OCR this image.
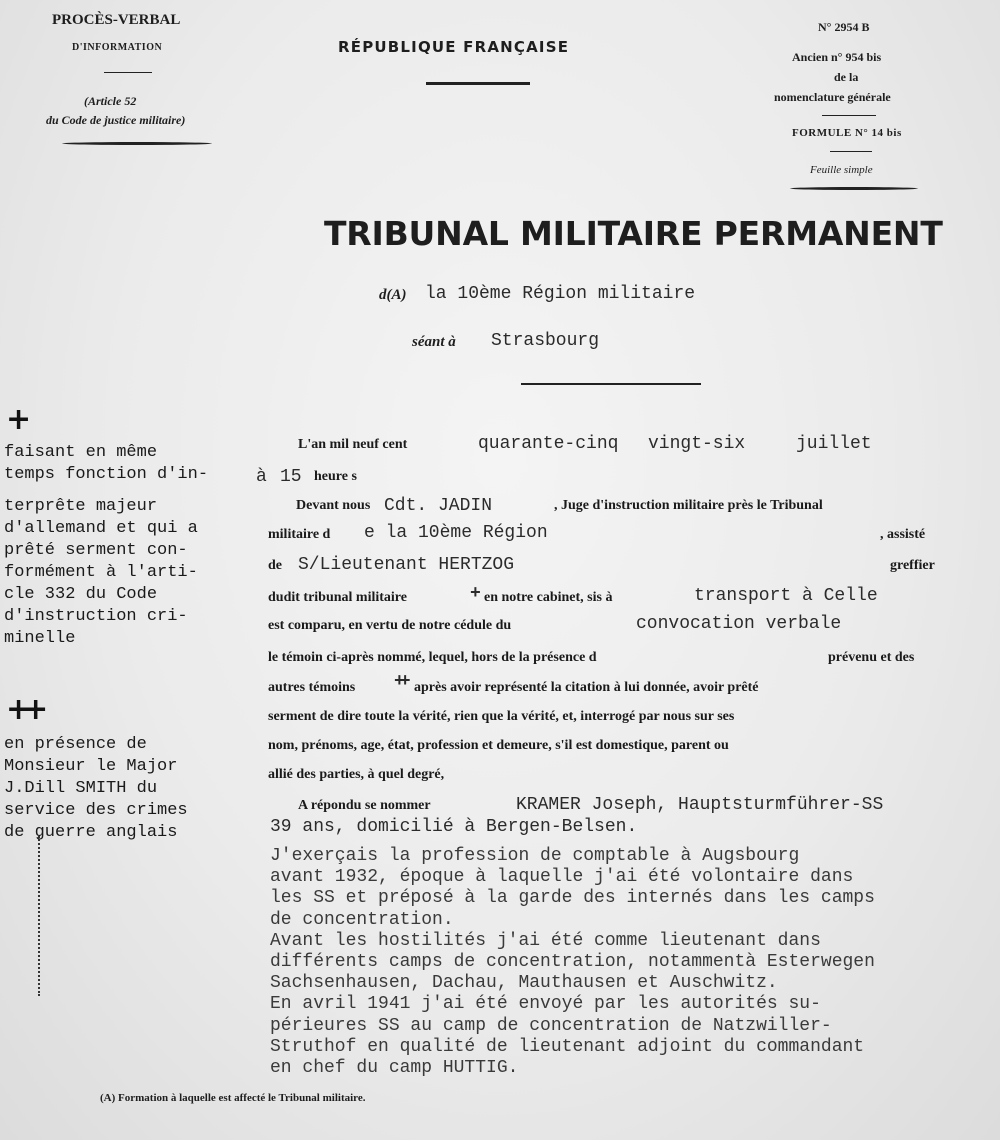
PROCÈS-VERBAL
D'INFORMATION
(Article 52
du Code de justice militaire)
RÉPUBLIQUE FRANÇAISE
N° 2954 B
Ancien n° 954 bis
de la
nomenclature générale
FORMULE N° 14 bis
Feuille simple
TRIBUNAL MILITAIRE PERMANENT
d(A) la 10ème Région militaire
séant à Strasbourg
+
faisant en même
temps fonction d'in-
terprête majeur
d'allemand et qui a
prêté serment con-
formément à l'arti-
cle 332 du Code
d'instruction cri-
minelle
++
en présence de
Monsieur le Major
J.Dill SMITH du
service des crimes
de guerre anglais
L'an mil neuf cent	quarante-cinq vingt-six	juillet
à 15 heure s
Devant nous Cdt. JADIN	, Juge d'instruction militaire près le Tribunal
militaire d e la 10ème Région	, assisté
de S/Lieutenant HERTZOG	greffier
dudit tribunal militaire	+ en notre cabinet, sis à	transport à Celle
est comparu, en vertu de notre cédule du	convocation verbale
le témoin ci-après nommé, lequel, hors de la présence d	prévenu et des
autres témoins ++ après avoir représenté la citation à lui donnée, avoir prêté
serment de dire toute la vérité, rien que la vérité, et, interrogé par nous sur ses
nom, prénoms, age, état, profession et demeure, s'il est domestique, parent ou
allié des parties, à quel degré,
A répondu se nommer	KRAMER Joseph, Hauptsturmführer-SS
39 ans, domicilié à Bergen-Belsen.
J'exerçais la profession de comptable à Augsbourg
avant 1932, époque à laquelle j'ai été volontaire dans
les SS et préposé à la garde des internés dans les camps
de concentration.
Avant les hostilités j'ai été comme lieutenant dans
différents camps de concentration, notammentà Esterwegen
Sachsenhausen, Dachau, Mauthausen et Auschwitz.
En avril 1941 j'ai été envoyé par les autorités su-
périeures SS au camp de concentration de Natzwiller-
Struthof en qualité de lieutenant adjoint du commandant
en chef du camp HUTTIG.
(A) Formation à laquelle est affecté le Tribunal militaire.
